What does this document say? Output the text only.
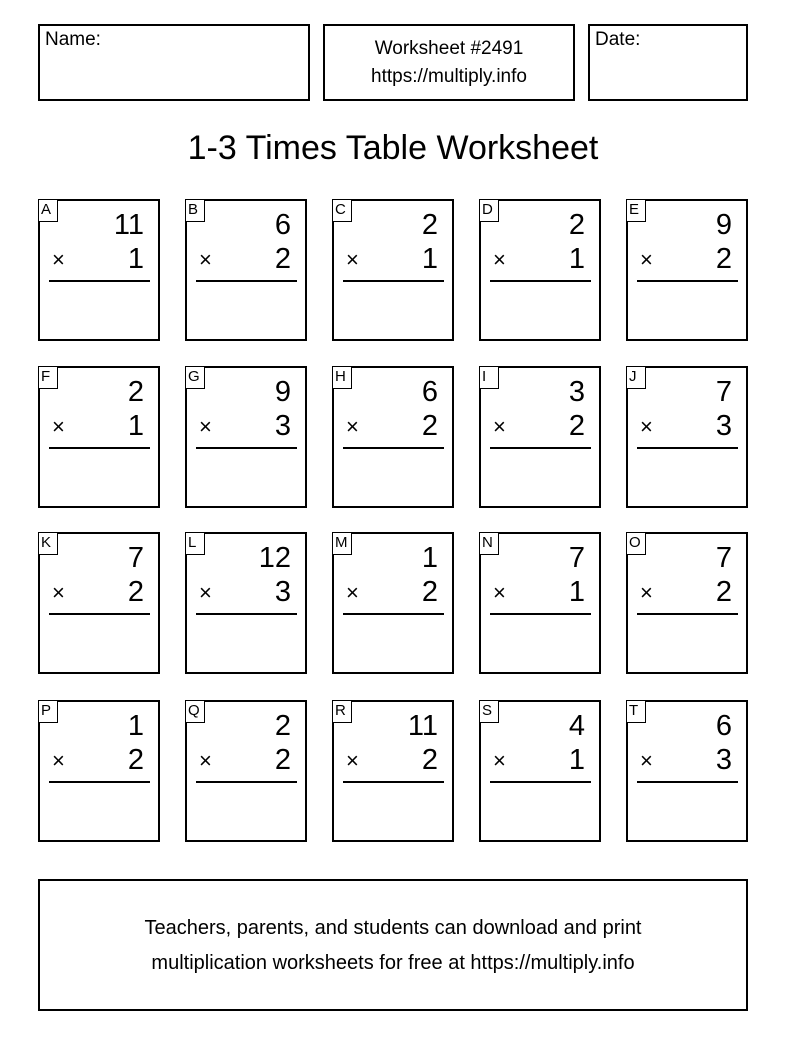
Name:	Worksheet #2491
https://multiply.info
Date:
1-3 Times Table Worksheet
A 11
× 1
B	6
× 2
C	2
× 1
D	2
× 1
E	9
× 2
F	2
× 1
G	9
× 3
H	6
× 2
I	3
× 2
J	7
× 3
K	7
× 2
L 12
× 3
M	1
× 2
N	7
× 1
O	7
× 2
P	1
× 2
Q	2
× 2
R 11
× 2
S	4
× 1
T	6
× 3
Teachers, parents, and students can download and print
multiplication worksheets for free at https://multiply.info
